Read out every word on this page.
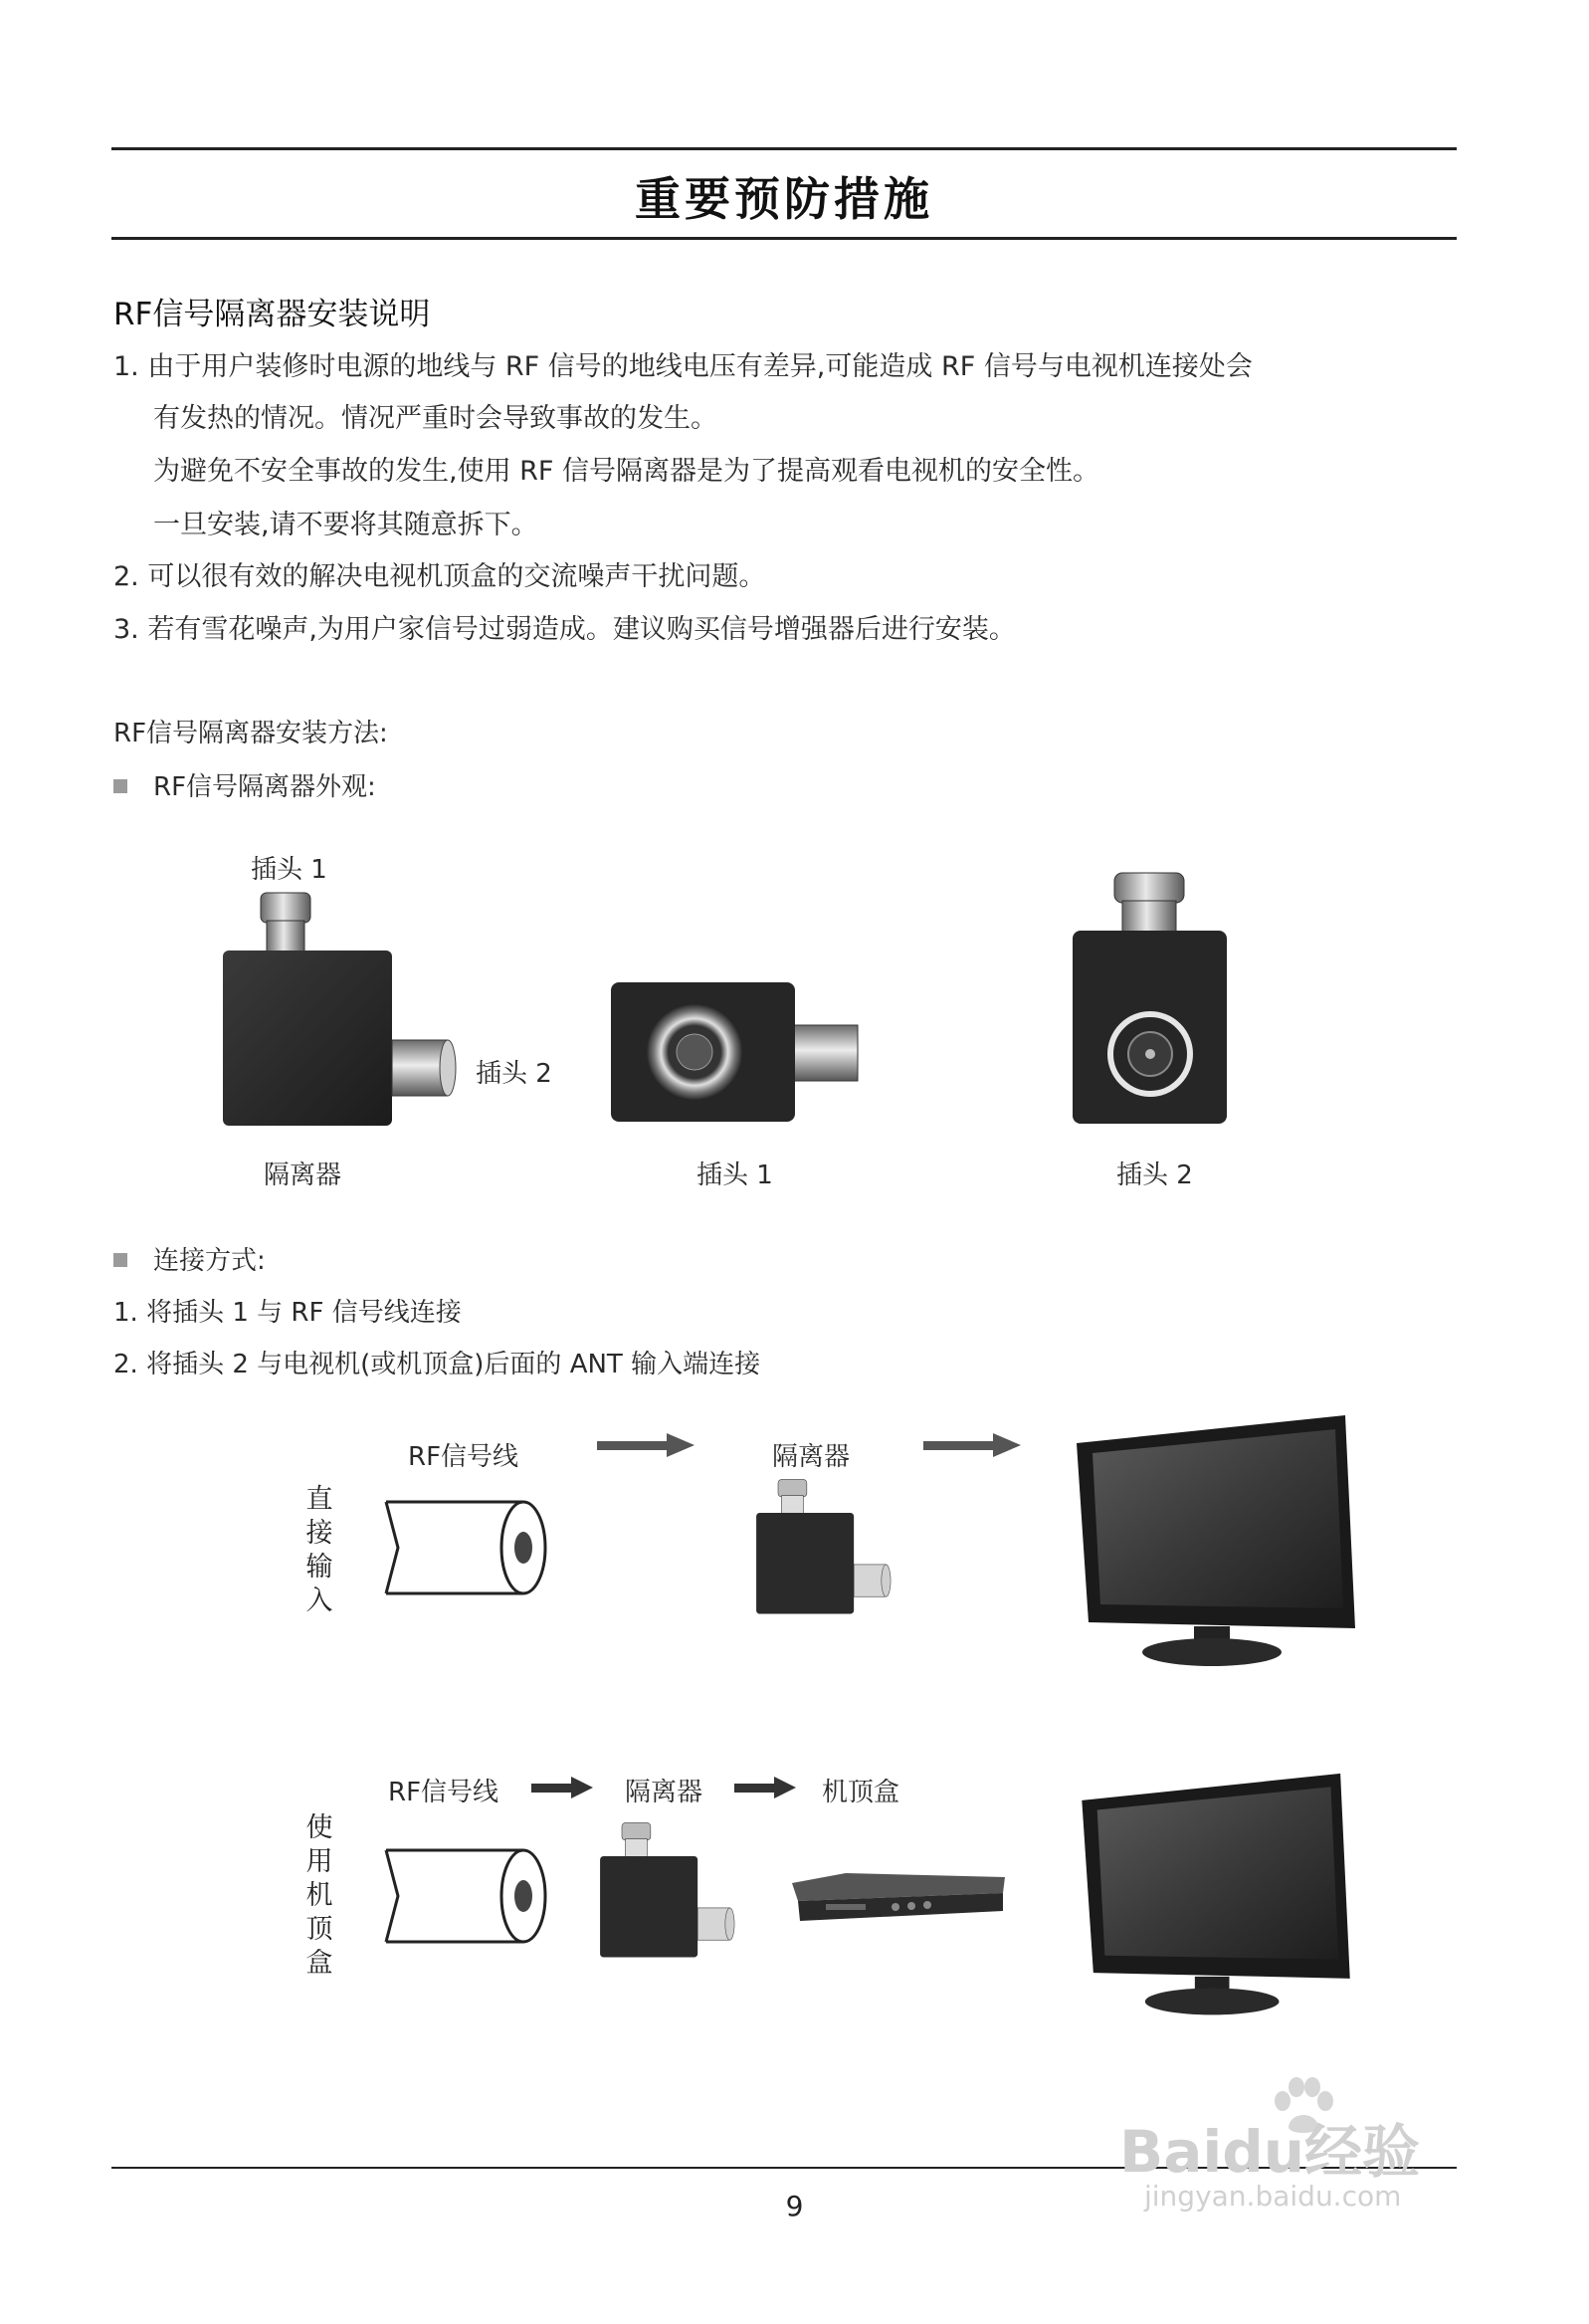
重要预防措施
RF信号隔离器安装说明
1. 由于用户装修时电源的地线与 RF 信号的地线电压有差异,可能造成 RF 信号与电视机连接处会
有发热的情况。情况严重时会导致事故的发生。
为避免不安全事故的发生,使用 RF 信号隔离器是为了提高观看电视机的安全性。
一旦安装,请不要将其随意拆下。
2. 可以很有效的解决电视机顶盒的交流噪声干扰问题。
3. 若有雪花噪声,为用户家信号过弱造成。建议购买信号增强器后进行安装。
RF信号隔离器安装方法:
RF信号隔离器外观:
插头 1
插头 2
隔离器	插头 1	插头 2
连接方式:
1. 将插头 1 与 RF 信号线连接
2. 将插头 2 与电视机(或机顶盒)后面的 ANT 输入端连接
直
接
输
入
RF信号线	隔离器
使
用
机
顶
盒
RF信号线	隔离器	机顶盒
9
Baidu经验
jingyan.baidu.com
